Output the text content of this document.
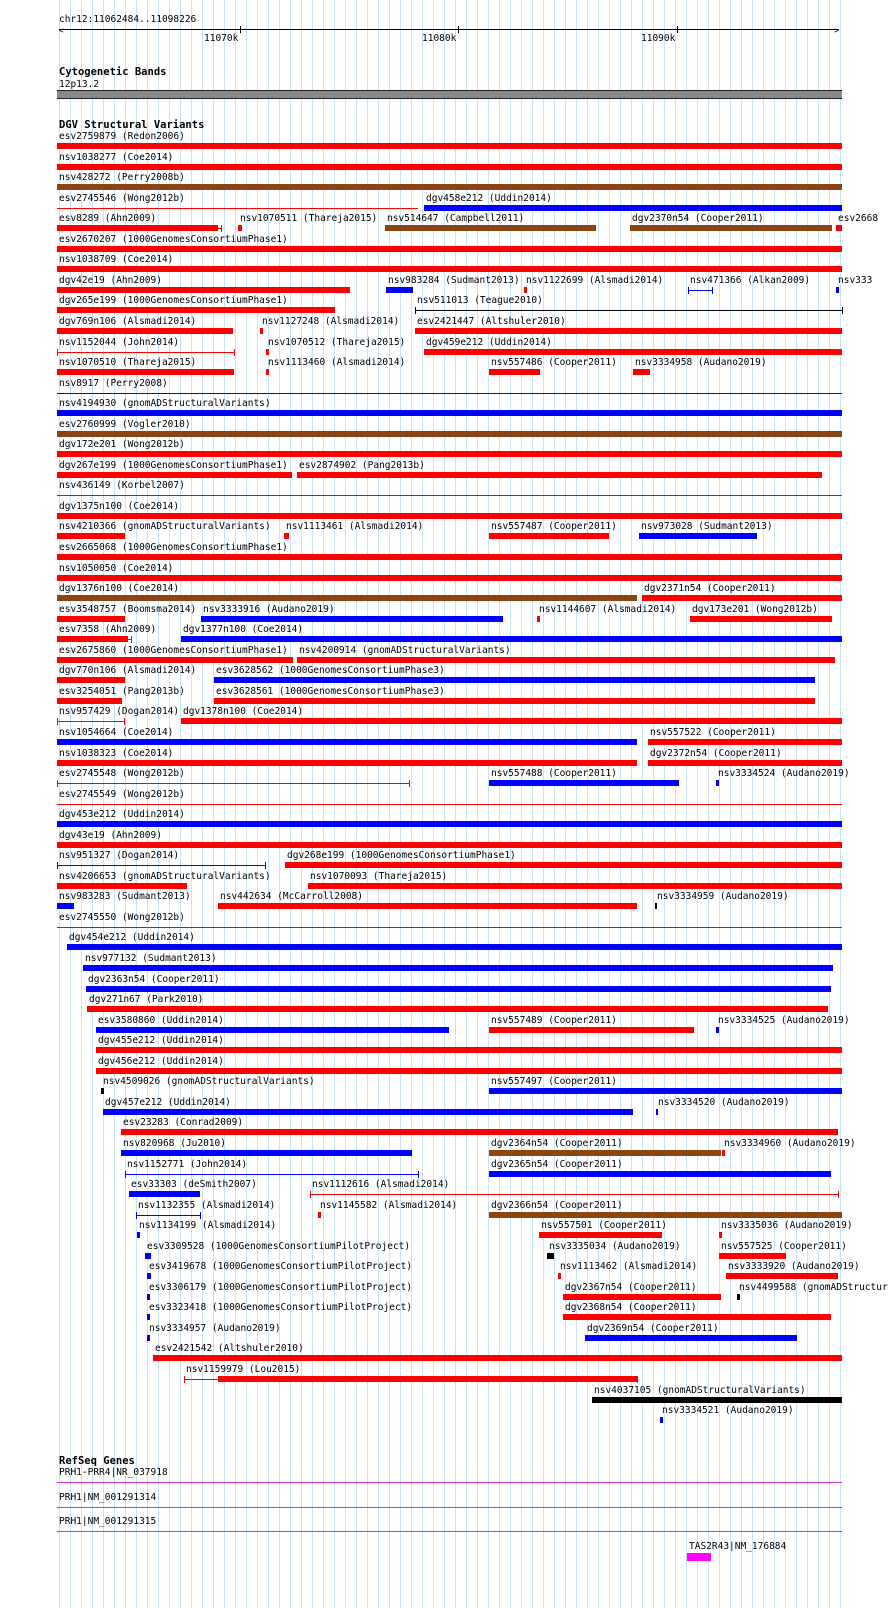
chr12:11062484..11098226
<	>
11070k	11080k	11090k
Cytogenetic Bands
12p13.2
DGV Structural Variants
esv2759879 (Redon2006)
nsv1038277 (Coe2014)
nsv428272 (Perry2008b)
esv2745546 (Wong2012b)	dgv458e212 (Uddin2014)
esv8289 (Ahn2009)	nsv1070511 (Thareja2015) nsv514647 (Campbell2011)	dgv2370n54 (Cooper2011)	esv2668
esv2670207 (1000GenomesConsortiumPhase1)
nsv1038709 (Coe2014)
dgv42e19 (Ahn2009)	nsv983284 (Sudmant2013) nsv1122699 (Alsmadi2014)	nsv471366 (Alkan2009)	nsv333
dgv265e199 (1000GenomesConsortiumPhase1)	nsv511013 (Teague2010)
dgv769n106 (Alsmadi2014)	nsv1127248 (Alsmadi2014) esv2421447 (Altshuler2010)
nsv1152044 (John2014)	nsv1070512 (Thareja2015) dgv459e212 (Uddin2014)
nsv1070510 (Thareja2015)	nsv1113460 (Alsmadi2014)	nsv557486 (Cooper2011) nsv3334958 (Audano2019)
nsv8917 (Perry2008)
nsv4194930 (gnomADStructuralVariants)
esv2760999 (Vogler2010)
dgv172e201 (Wong2012b)
dgv267e199 (1000GenomesConsortiumPhase1) esv2874902 (Pang2013b)
nsv436149 (Korbel2007)
dgv1375n100 (Coe2014)
nsv4210366 (gnomADStructuralVariants) nsv1113461 (Alsmadi2014)	nsv557487 (Cooper2011)	nsv973028 (Sudmant2013)
esv2665068 (1000GenomesConsortiumPhase1)
nsv1050050 (Coe2014)
dgv1376n100 (Coe2014)	dgv2371n54 (Cooper2011)
esv3548757 (Boomsma2014) nsv3333916 (Audano2019)	nsv1144607 (Alsmadi2014) dgv173e201 (Wong2012b)
esv7358 (Ahn2009)	dgv1377n100 (Coe2014)
esv2675860 (1000GenomesConsortiumPhase1) nsv4200914 (gnomADStructuralVariants)
dgv770n106 (Alsmadi2014) esv3628562 (1000GenomesConsortiumPhase3)
esv3254051 (Pang2013b)	esv3628561 (1000GenomesConsortiumPhase3)
nsv957429 (Dogan2014) dgv1378n100 (Coe2014)
nsv1054664 (Coe2014)	nsv557522 (Cooper2011)
nsv1038323 (Coe2014)	dgv2372n54 (Cooper2011)
esv2745548 (Wong2012b)	nsv557488 (Cooper2011)	nsv3334524 (Audano2019)
esv2745549 (Wong2012b)
dgv453e212 (Uddin2014)
dgv43e19 (Ahn2009)
nsv951327 (Dogan2014)	dgv268e199 (1000GenomesConsortiumPhase1)
nsv4206653 (gnomADStructuralVariants)	nsv1070093 (Thareja2015)
nsv983283 (Sudmant2013)	nsv442634 (McCarroll2008)	nsv3334959 (Audano2019)
esv2745550 (Wong2012b)
dgv454e212 (Uddin2014)
nsv977132 (Sudmant2013)
dgv2363n54 (Cooper2011)
dgv271n67 (Park2010)
esv3580860 (Uddin2014)	nsv557489 (Cooper2011)	nsv3334525 (Audano2019)
dgv455e212 (Uddin2014)
dgv456e212 (Uddin2014)
nsv4509026 (gnomADStructuralVariants)	nsv557497 (Cooper2011)
dgv457e212 (Uddin2014)	nsv3334520 (Audano2019)
esv23283 (Conrad2009)
nsv820968 (Ju2010)	dgv2364n54 (Cooper2011)	nsv3334960 (Audano2019)
nsv1152771 (John2014)	dgv2365n54 (Cooper2011)
esv33303 (deSmith2007)	nsv1112616 (Alsmadi2014)
nsv1132355 (Alsmadi2014)	nsv1145582 (Alsmadi2014)	dgv2366n54 (Cooper2011)
nsv1134199 (Alsmadi2014)	nsv557501 (Cooper2011)	nsv3335036 (Audano2019)
esv3309528 (1000GenomesConsortiumPilotProject)	nsv3335034 (Audano2019)	nsv557525 (Cooper2011)
esv3419678 (1000GenomesConsortiumPilotProject)	nsv1113462 (Alsmadi2014)	nsv3333920 (Audano2019)
esv3306179 (1000GenomesConsortiumPilotProject)	dgv2367n54 (Cooper2011)	nsv4499588 (gnomADStructur
esv3323418 (1000GenomesConsortiumPilotProject)	dgv2368n54 (Cooper2011)
nsv3334957 (Audano2019)	dgv2369n54 (Cooper2011)
esv2421542 (Altshuler2010)
nsv1159979 (Lou2015)
nsv4037105 (gnomADStructuralVariants)
nsv3334521 (Audano2019)
RefSeq Genes
PRH1-PRR4|NR_037918
PRH1|NM_001291314
PRH1|NM_001291315
TAS2R43|NM_176884
